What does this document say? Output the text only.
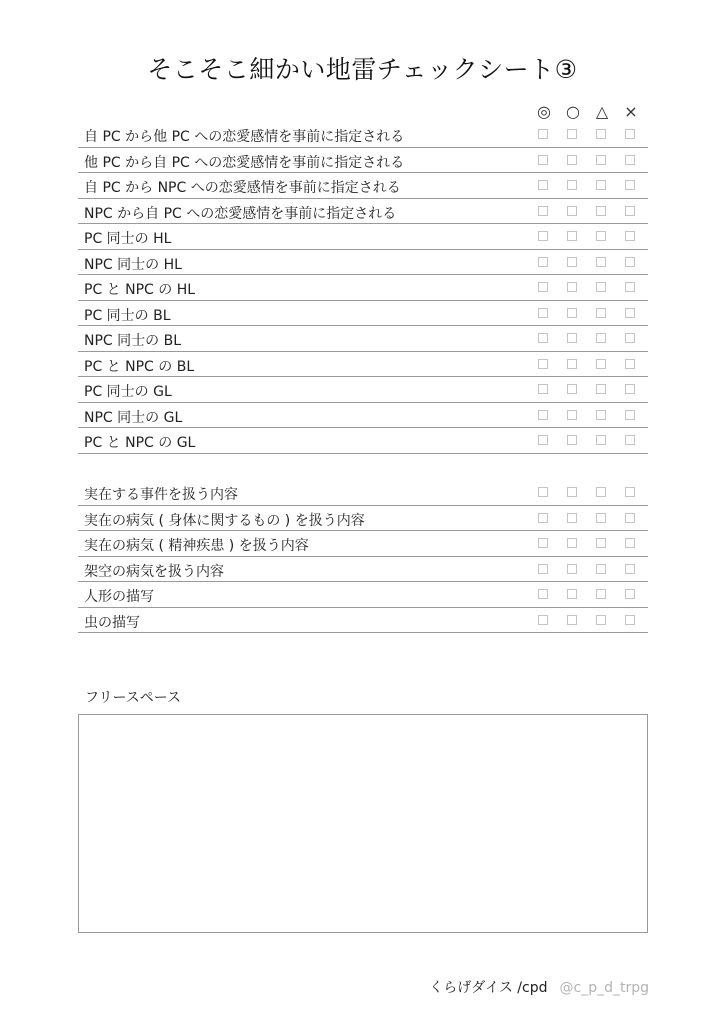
そこそこ細かい地雷チェックシート③
◎ ○ △	×
自 PC から他 PC への恋愛感情を事前に指定される
他 PC から自 PC への恋愛感情を事前に指定される
自 PC から NPC への恋愛感情を事前に指定される
NPC から自 PC への恋愛感情を事前に指定される
PC 同士の HL
NPC 同士の HL
PC と NPC の HL
PC 同士の BL
NPC 同士の BL
PC と NPC の BL
PC 同士の GL
NPC 同士の GL
PC と NPC の GL
実在する事件を扱う内容
実在の病気 ( 身体に関するもの ) を扱う内容
実在の病気 ( 精神疾患 ) を扱う内容
架空の病気を扱う内容
人形の描写
虫の描写
フリースペース
くらげダイス /cpd @c_p_d_trpg
